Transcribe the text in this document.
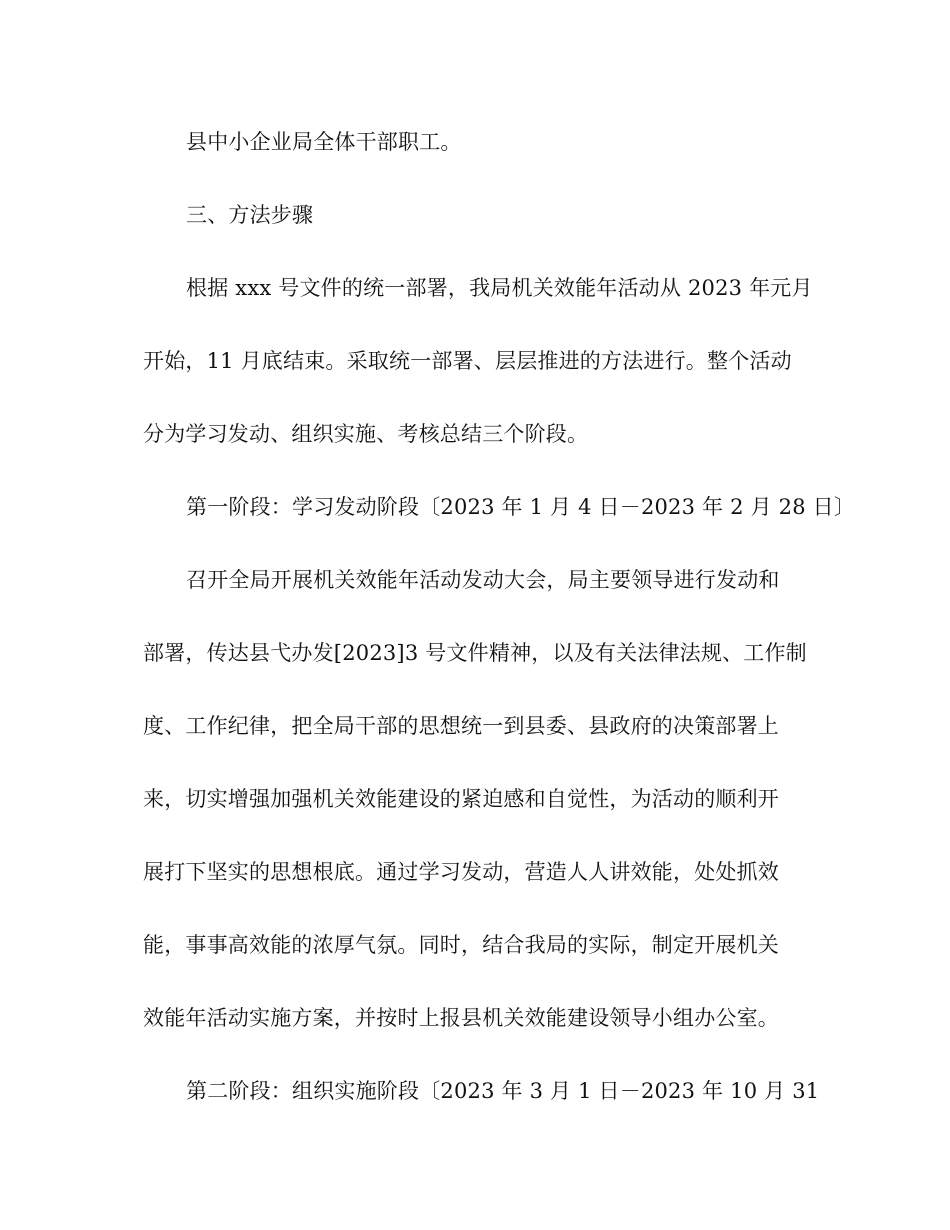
县中小企业局全体干部职工。
三、方法步骤
根据 xxx 号文件的统一部署，我局机关效能年活动从 2023 年元月
开始，11 月底结束。采取统一部署、层层推进的方法进行。整个活动
分为学习发动、组织实施、考核总结三个阶段。
第一阶段：学习发动阶段〔2023 年 1 月 4 日－2023 年 2 月 28 日〕
召开全局开展机关效能年活动发动大会，局主要领导进行发动和
部署，传达县弋办发[2023]3 号文件精神，以及有关法律法规、工作制
度、工作纪律，把全局干部的思想统一到县委、县政府的决策部署上
来，切实增强加强机关效能建设的紧迫感和自觉性，为活动的顺利开
展打下坚实的思想根底。通过学习发动，营造人人讲效能，处处抓效
能，事事高效能的浓厚气氛。同时，结合我局的实际，制定开展机关
效能年活动实施方案，并按时上报县机关效能建设领导小组办公室。
第二阶段：组织实施阶段〔2023 年 3 月 1 日－2023 年 10 月 31
